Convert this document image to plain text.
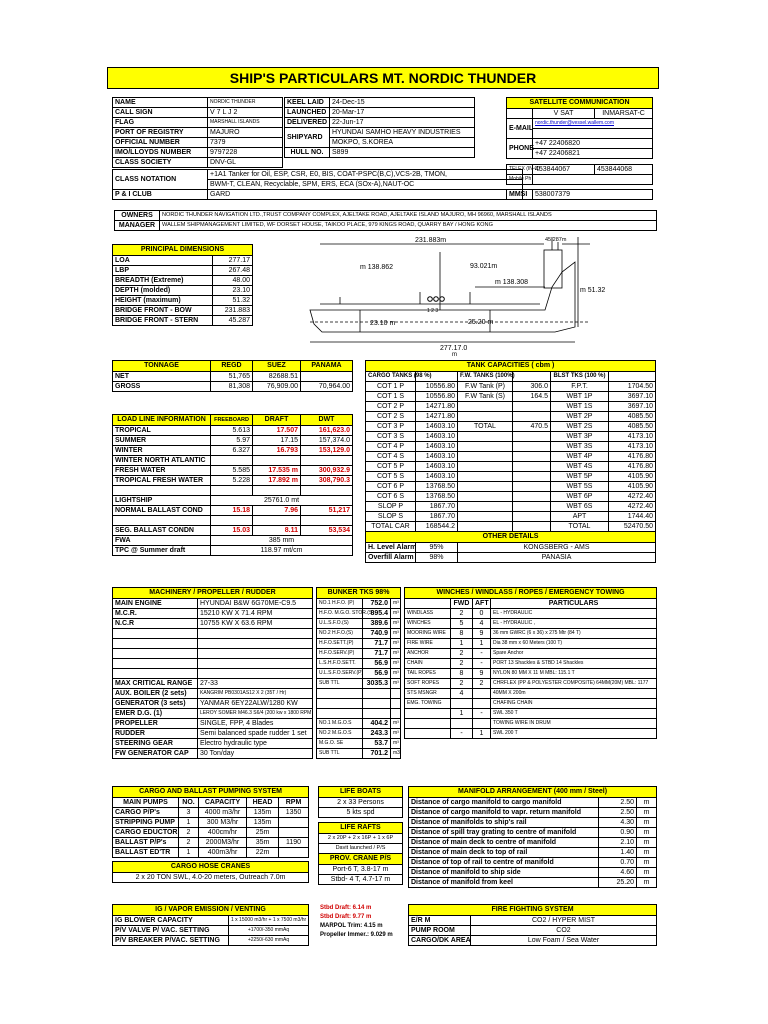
SHIP'S PARTICULARS MT. NORDIC THUNDER
NAME	NORDIC THUNDER
CALL SIGN	V 7 L J 2
FLAG	MARSHALL ISLANDS
PORT OF REGISTRY	MAJURO
OFFICIAL NUMBER	7379
IMO/LLOYDS NUMBER	9797228
CLASS SOCIETY	DNV-GL
CLASS NOTATION	+1A1 Tanker for Oil, ESP, CSR, E0, BIS, COAT-PSPC(B,C),VCS-2B, TMON,
	BWM-T, CLEAN, Recyclable, SPM, ERS, ECA (SOx-A),NAUT-OC
P & I CLUB	GARD
KEEL LAID	24-Dec-15
LAUNCHED	20-Mar-17
DELIVERED	22-Jun-17
SHIPYARD	HYUNDAI SAMHO HEAVY INDUSTRIES
	MOKPO, S.KOREA
HULL NO.	S899
SATELLITE COMMUNICATION		
	V SAT	INMARSAT-C
E-MAIL	nordic.thunder@vessel.wallem.com	

PHONE	+47 22406820	
	+47 22406821	

TELEX (IN-C)	453844067	453844068
Mobile Ph		

MMSI	538007379	
OWNERS	NORDIC THUNDER NAVIGATION LTD.,TRUST COMPANY COMPLEX, AJELTAKE ROAD, AJELTAKE ISLAND MAJURO, MH 96960, MARSHALL ISLANDS
MANAGER	WALLEM SHIPMANAGEMENT LIMITED, WF DORSET HOUSE, TAIKOO PLACE, 979 KINGS ROAD, QUARRY BAY / HONG KONG
PRINCIPAL DIMENSIONS	
LOA	277.17
LBP	267.48
BREADTH (Extreme)	48.00
DEPTH (molded)	23.10
HEIGHT (maximum)	51.32
BRIDGE FRONT - BOW	231.883
BRIDGE FRONT - STERN	45.287
231.883m	45.287m
m 138.862	93.021m
m 138.308
m 51.32
23.10 m	25.20 m
277.17.0
m
1 2 3
TONNAGE	REGD	SUEZ	PANAMA
NET	51,765	82688.51	
GROSS	81,308	76,909.00	70,964.00
LOAD LINE INFORMATION	FREEBOARD	DRAFT	DWT
TROPICAL	5.613	17.507	161,623.0
SUMMER	5.97	17.15	157,374.0
WINTER	6.327	16.793	153,129.0
WINTER NORTH ATLANTIC			
FRESH WATER	5.585	17.535 m	300,932.9
TROPICAL FRESH WATER	5.228	17.892 m	308,790.3

LIGHTSHIP	25761.0 mt		
NORMAL BALLAST COND	15.18	7.96	51,217

SEG. BALLAST CONDN	15.03	8.11	53,534
FWA	385 mm		
TPC @ Summer draft	118.97 mt/cm		
TANK CAPACITIES ( cbm )					
CARGO TANKS (98 %)		F.W. TANKS (100%)		BLST TKS (100 %)	
COT 1 P	10556.80	F.W Tank (P)	306.0	F.P.T.	1704.50
COT 1 S	10556.80	F.W Tank (S)	164.5	WBT 1P	3697.10
COT 2 P	14271.80			WBT 1S	3697.10
COT 2 S	14271.80			WBT 2P	4085.50
COT 3 P	14603.10	TOTAL	470.5	WBT 2S	4085.50
COT 3 S	14603.10			WBT 3P	4173.10
COT 4 P	14603.10			WBT 3S	4173.10
COT 4 S	14603.10			WBT 4P	4176.80
COT 5 P	14603.10			WBT 4S	4176.80
COT 5 S	14603.10			WBT 5P	4105.90
COT 6 P	13768.50			WBT 5S	4105.90
COT 6 S	13768.50			WBT 6P	4272.40
SLOP P	1867.70			WBT 6S	4272.40
SLOP S	1867.70			APT	1744.40
TOTAL CAR	168544.2			TOTAL	52470.50
OTHER DETAILS					
H. Level Alarm	95%	KONGSBERG - AMS			
Overfill Alarm	98%	PANASIA			
MACHINERY / PROPELLER / RUDDER	
MAIN ENGINE	HYUNDAI B&W 6G70ME-C9.5
M.C.R.	15210 KW X 71.4 RPM
N.C.R	10755 KW X 63.6 RPM

MAX CRITICAL RANGE	27-33
AUX. BOILER (2 sets)	KANGRIM PB0301AS12 X 2 (35T / Hr)
GENERATOR (3 sets)	YANMAR 6EY22ALW/1280 KW
EMER D.G. (1)	LEROY SOMER M46.3 S6/4 (200 kw x 1800 RPM
PROPELLER	SINGLE, FPP, 4 Blades
RUDDER	Semi balanced spade rudder 1 set
STEERING GEAR	Electro hydraulic type
FW GENERATOR CAP	30 Ton/day
BUNKER TKS 98%		
NO.1 H.F.O. (P)	752.0	m³
H.F.O. M.G.O. STOR.(S)	895.4	m³
U.L.S.F.O.(S)	389.6	m³
NO.2 H.F.O.(S)	740.9	m³
H.F.O.SETT.(P)	71.7	m³
H.F.O.SERV.(P)	71.7	m³
L.S.H.F.O.SETT.	56.9	m³
U.L.S.F.O.SERV.(P)	56.9	m³
SUB TTL	3035.3	m³

NO.1 M.G.O.S	404.2	m³
NO.2 M.G.O.S	243.3	m³
M.G.O. SE	53.7	m³
SUB TTL	701.2	m3
WINCHES / WINDLASS / ROPES / EMERGENCY TOWING			
	FWD	AFT	PARTICULARS
WINDLASS	2	0	EL - HYDRAULIC
WINCHES	5	4	EL - HYDRAULIC ,
MOORING WIRE	8	9	36 mm GWRC (6 x 36) x 275 Mtr (84 T)
FIRE WIRE	1	1	Dia 38 mm x 60 Meters (100 T)
ANCHOR	2	-	Spare Anchor
CHAIN	2	-	PORT 13 Shackles & STBD 14 Shackles
TAIL ROPES	8	9	NYLON 80 MM X 11 M MBL: 115.1 T
SOFT ROPES	2	2	CHRFLEX (PP & POLYESTER COMPOSITE) 64MM(20M) MBL: 1177
STS MSNGR	4		40MM X 200m
EMG. TOWING			CHAFING CHAIN
	1	-	SWL 350 T
			TOWING WIRE IN DRUM
	-	1	SWL 200 T
CARGO AND BALLAST PUMPING SYSTEM				
MAIN PUMPS	NO.	CAPACITY	HEAD	RPM
CARGO P/P's	3	4000 m3/hr	135m	1350
STRIPPING PUMP	1	300 M3/hr	135m	
CARGO EDUCTOR	2	400cm/hr	25m	
BALLAST P/P's	2	2000M3/hr	35m	1190
BALLAST ED'TR	1	400m3/hr	22m	

CARGO HOSE CRANES				
2 x 20 TON SWL, 4.0-20 meters, Outreach 7.0m				
LIFE BOATS
2 x 33 Persons
5 kts spd

LIFE RAFTS
2 x 20P + 2 x 16P + 1 x 6P
Davit launched / P/S
PROV. CRANE P/S
Port-6 T, 3.8-17 m
Stbd- 4 T, 4.7-17 m
MANIFOLD ARRANGEMENT (400 mm / Steel)		
Distance of cargo manifold to cargo manifold	2.50	m
Distance of cargo manifold to vapr. return manifold	2.50	m
Distance of manifolds to ship's rail	4.30	m
Distance of spill tray grating to centre of manifold	0.90	m
Distance of main deck to centre of manifold	2.10	m
Distance of main deck to top of rail	1.40	m
Distance of top of rail to centre of manifold	0.70	m
Distance of manifold to ship side	4.60	m
Distance of manifold from keel	25.20	m
IG / VAPOR EMISSION / VENTING	
IG BLOWER CAPACITY	1 x 15000 m3/hr + 1 x 7500 m3/hr
P/V VALVE P/ VAC. SETTING	+1700/-350 mmAq
P/V BREAKER P/VAC. SETTING	+2250/-630 mmAq
Stbd Draft: 6.14 m
Stbd Draft: 9.77 m
MARPOL Trim: 4.15 m
Propeller Immer.: 9.029 m
FIRE FIGHTING SYSTEM	
E/R M	CO2 / HYPER MIST
PUMP ROOM	CO2
CARGO/DK AREA	Low Foam / Sea Water
